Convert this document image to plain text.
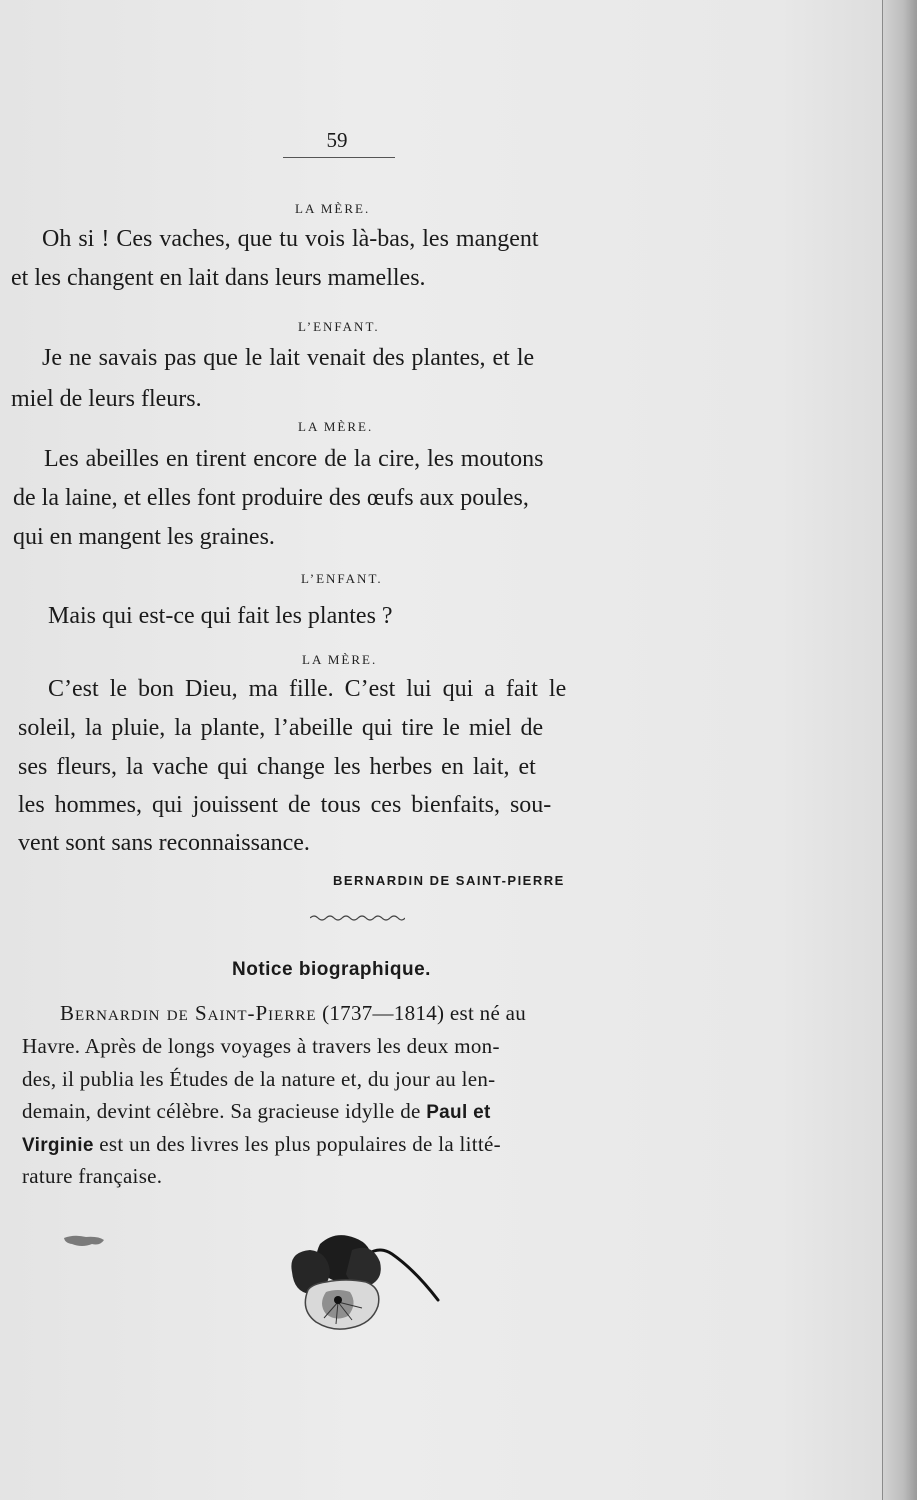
59
LA MÈRE.
Oh si ! Ces vaches, que tu vois là-bas, les mangent
et les changent en lait dans leurs mamelles.
L’ENFANT.
Je ne savais pas que le lait venait des plantes, et le
miel de leurs fleurs.
LA MÈRE.
Les abeilles en tirent encore de la cire, les moutons
de la laine, et elles font produire des œufs aux poules,
qui en mangent les graines.
L’ENFANT.
Mais qui est-ce qui fait les plantes ?
LA MÈRE.
C’est le bon Dieu, ma fille. C’est lui qui a fait le
soleil, la pluie, la plante, l’abeille qui tire le miel de
ses fleurs, la vache qui change les herbes en lait, et
les hommes, qui jouissent de tous ces bienfaits, sou-
vent sont sans reconnaissance.
BERNARDIN DE SAINT-PIERRE
Notice biographique.
Bernardin de Saint-Pierre (1737—1814) est né au
Havre. Après de longs voyages à travers les deux mon-
des, il publia les Études de la nature et, du jour au len-
demain, devint célèbre. Sa gracieuse idylle de Paul et
Virginie est un des livres les plus populaires de la litté-
rature française.
